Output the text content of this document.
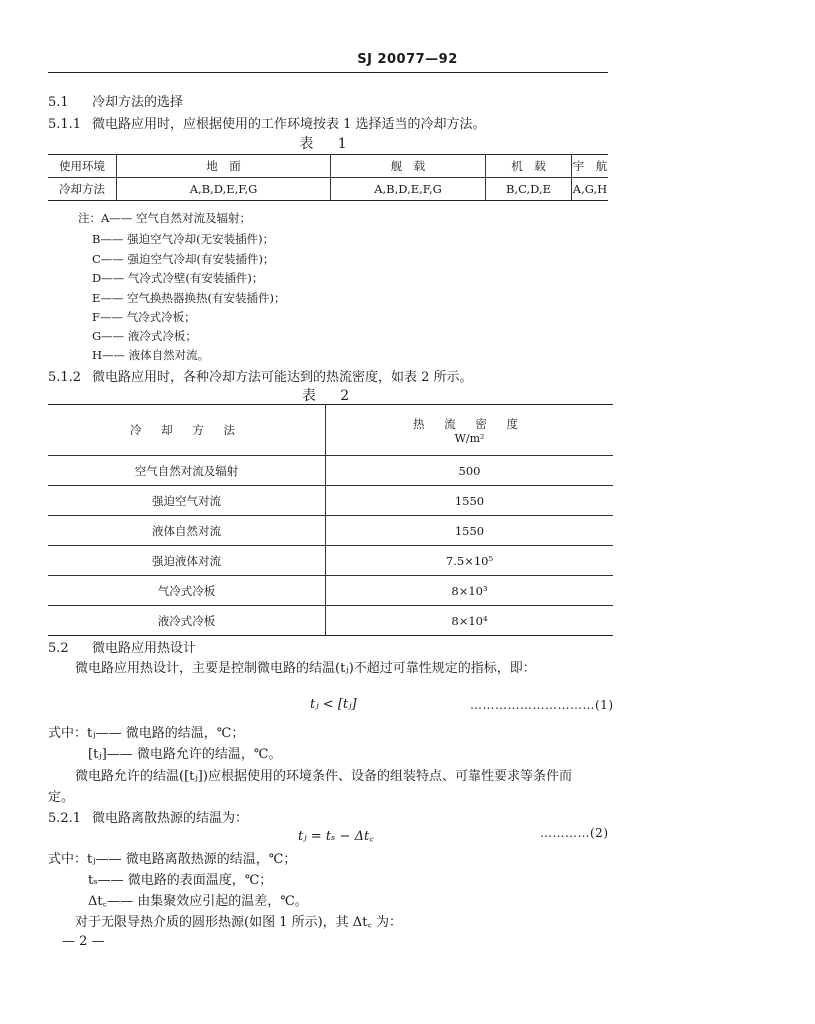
SJ 20077—92
5.1 冷却方法的选择
5.1.1 微电路应用时，应根据使用的工作环境按表 1 选择适当的冷却方法。
表 1
使用环境	地　面	舰　载	机　载	宇　航
冷却方法	A,B,D,E,F,G	A,B,D,E,F,G	B,C,D,E	A,G,H
注：A—— 空气自然对流及辐射；
B—— 强迫空气冷却(无安装插件)；
C—— 强迫空气冷却(有安装插件)；
D—— 气冷式冷壁(有安装插件)；
E—— 空气换热器换热(有安装插件)；
F—— 气冷式冷板；
G—— 液冷式冷板；
H—— 液体自然对流。
5.1.2 微电路应用时，各种冷却方法可能达到的热流密度，如表 2 所示。
表 2
冷 却 方 法	热 流 密 度
W/m²

空气自然对流及辐射	500
强迫空气对流	1550
液体自然对流	1550
强迫液体对流	7.5×10⁵
气冷式冷板	8×10³
液冷式冷板	8×10⁴
5.2 微电路应用热设计
微电路应用热设计，主要是控制微电路的结温(tⱼ)不超过可靠性规定的指标，即：
tⱼ < [tⱼ]	…………………………(1)
式中：tⱼ—— 微电路的结温，℃；
[tⱼ]—— 微电路允许的结温，℃。
微电路允许的结温([tⱼ])应根据使用的环境条件、设备的组装特点、可靠性要求等条件而
定。
5.2.1 微电路离散热源的结温为：
tⱼ = tₛ − Δt꜀	…………(2)
式中：tⱼ—— 微电路离散热源的结温，℃；
tₛ—— 微电路的表面温度，℃；
Δt꜀—— 由集聚效应引起的温差，℃。
对于无限导热介质的圆形热源(如图 1 所示)，其 Δt꜀ 为：
— 2 —
